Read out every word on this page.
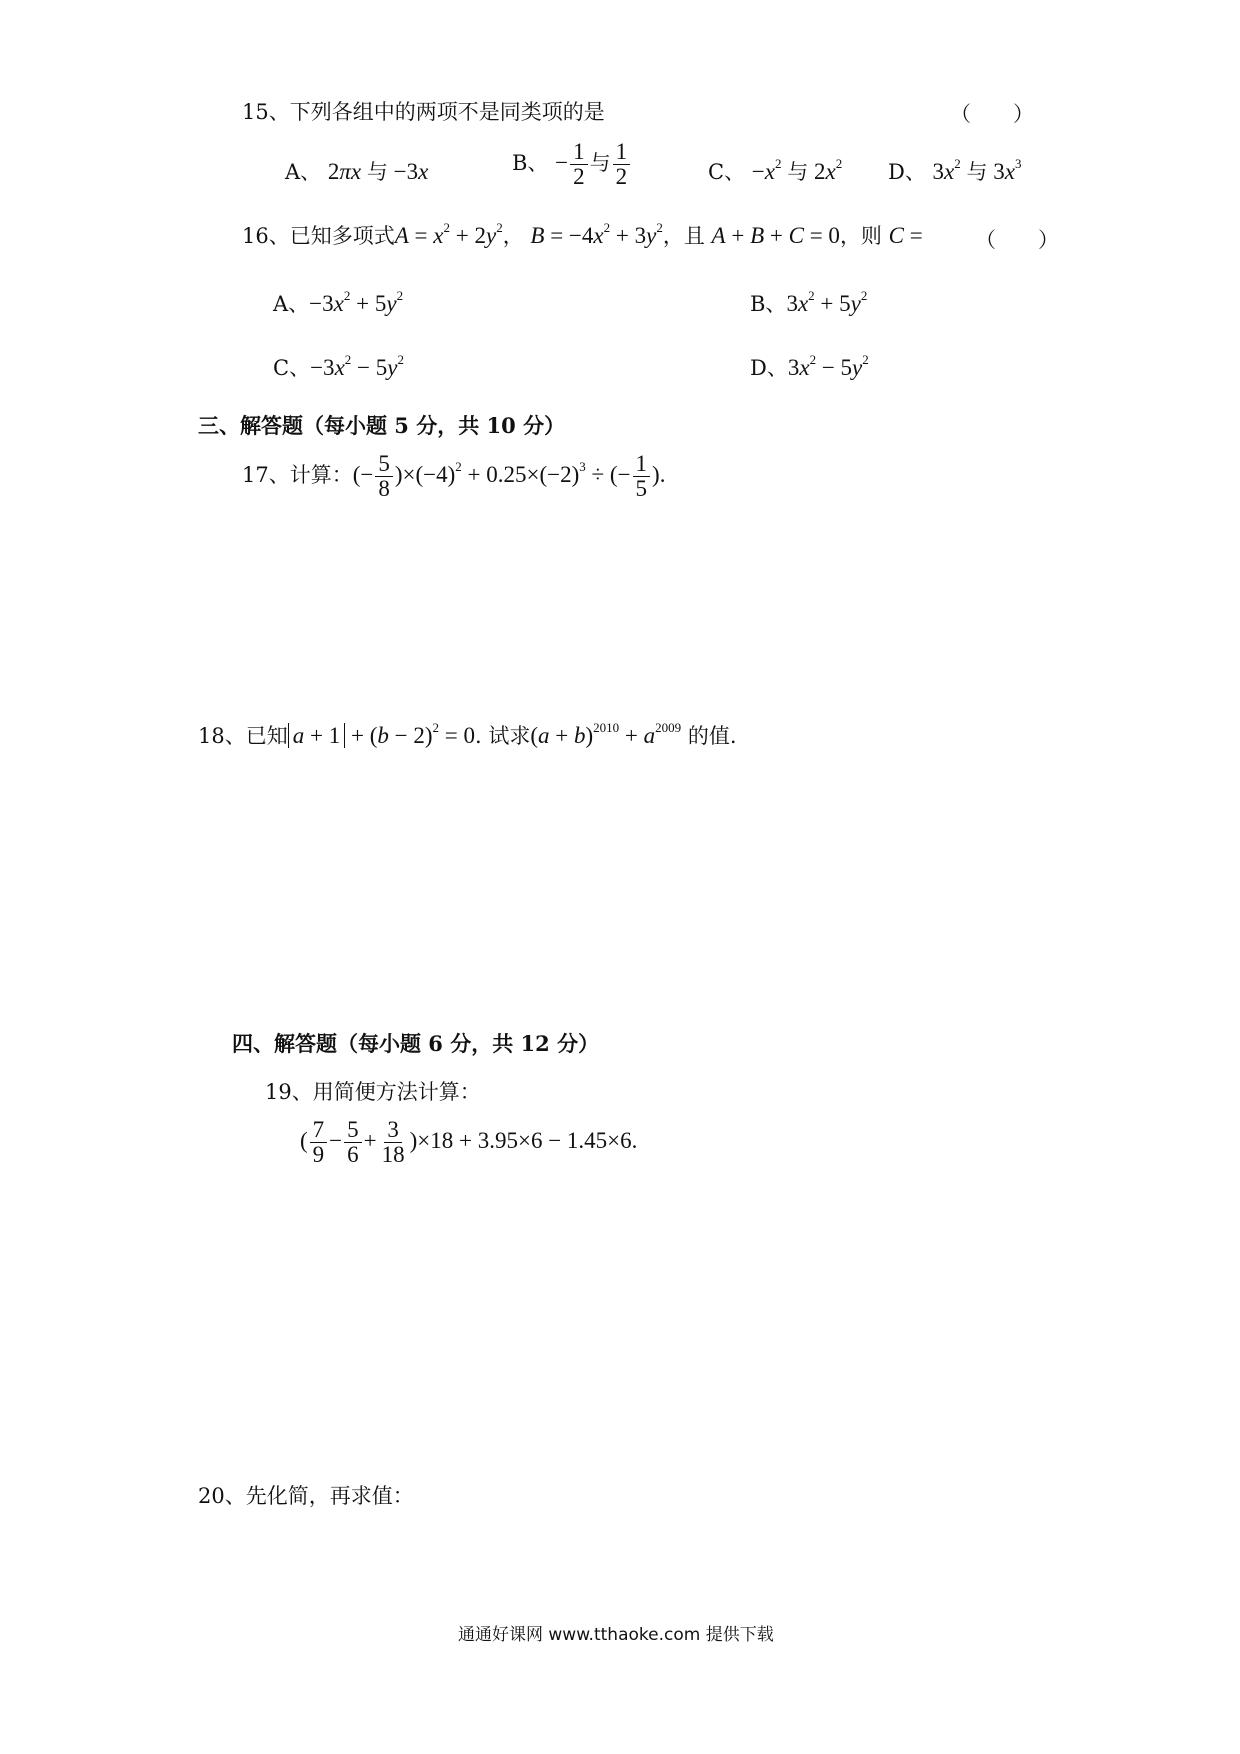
15、下列各组中的两项不是同类项的是	（　　）
A、 2πx 与 −3x	B、 − $\frac{1}{2}$ 与 $\frac{1}{2}$	C、 $-x^2$ 与 $2x^2$ D、 $3x^2$ 与 $3x^3$
16、已知多项式$A = x^2 + 2y^2$， $B = -4x^2 + 3y^2$，且 A + B + C = 0，则 C = （　　）
A、$-3x^2 + 5y^2$	B、$3x^2 + 5y^2$
C、$-3x^2 - 5y^2$	D、$3x^2 - 5y^2$
三、解答题（每小题 5 分，共 10 分）
17、计算：(− $\frac{5}{8} )\times(-4)^2 + 0.25\times(-2)^3$ ÷ (− $\frac{1}{5}$ ).
18、已知 $a + 1 + (b - 2)^2 = 0$. 试求$(a + b)^{2010} + a^{2009}$ 的值.
四、解答题（每小题 6 分，共 12 分）
19、用简便方法计算：
( $\frac{7}{9} - \frac{5}{6} + \frac{3}{18} )\times 18 + 3.95\times 6 - 1.45\times 6$.
20、先化简，再求值：
通通好课网 www.tthaoke.com 提供下载
